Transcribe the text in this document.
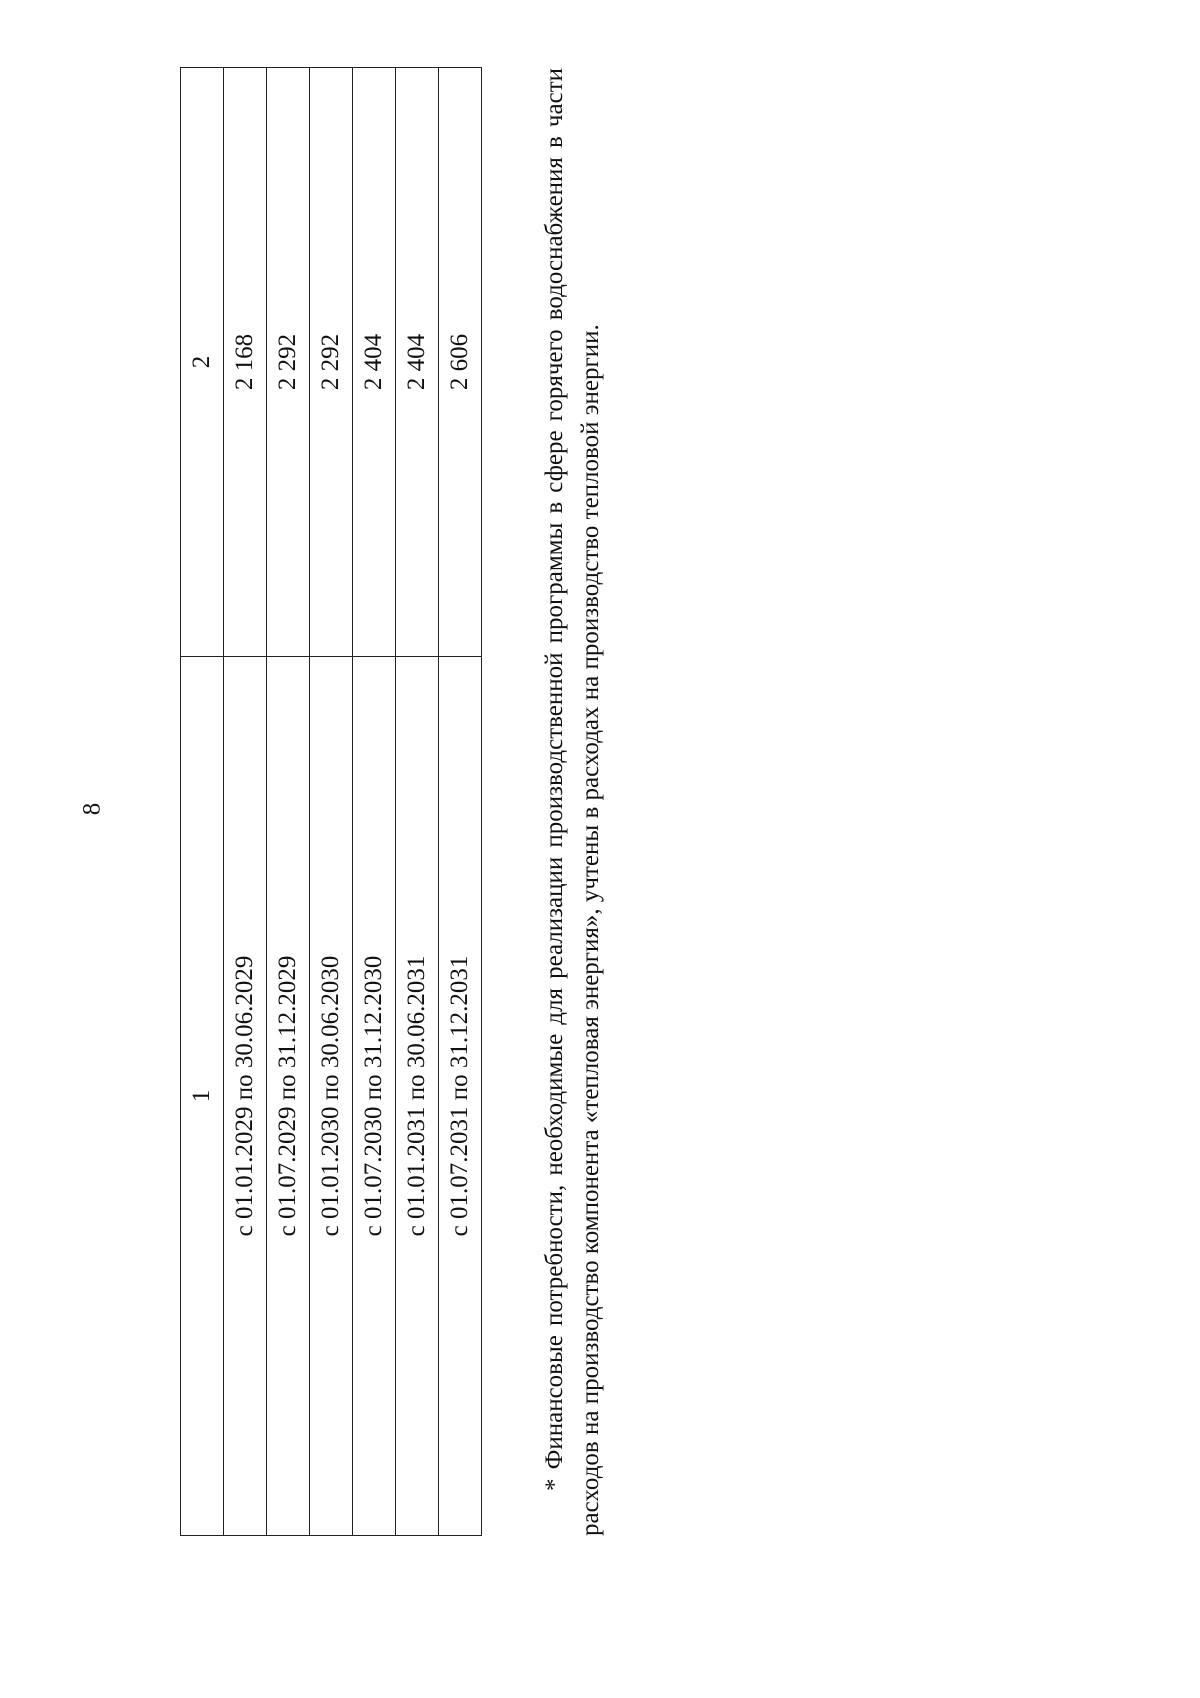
8
1	2
с 01.01.2029 по 30.06.2029	2 168
с 01.07.2029 по 31.12.2029	2 292
с 01.01.2030 по 30.06.2030	2 292
с 01.07.2030 по 31.12.2030	2 404
с 01.01.2031 по 30.06.2031	2 404
с 01.07.2031 по 31.12.2031	2 606	* Финансовые потребности, необходимые для реализации производственной программы в сфере горячего водоснабжения в части расходов на производство компонента «тепловая энергия», учтены в расходах на производство тепловой энергии.
